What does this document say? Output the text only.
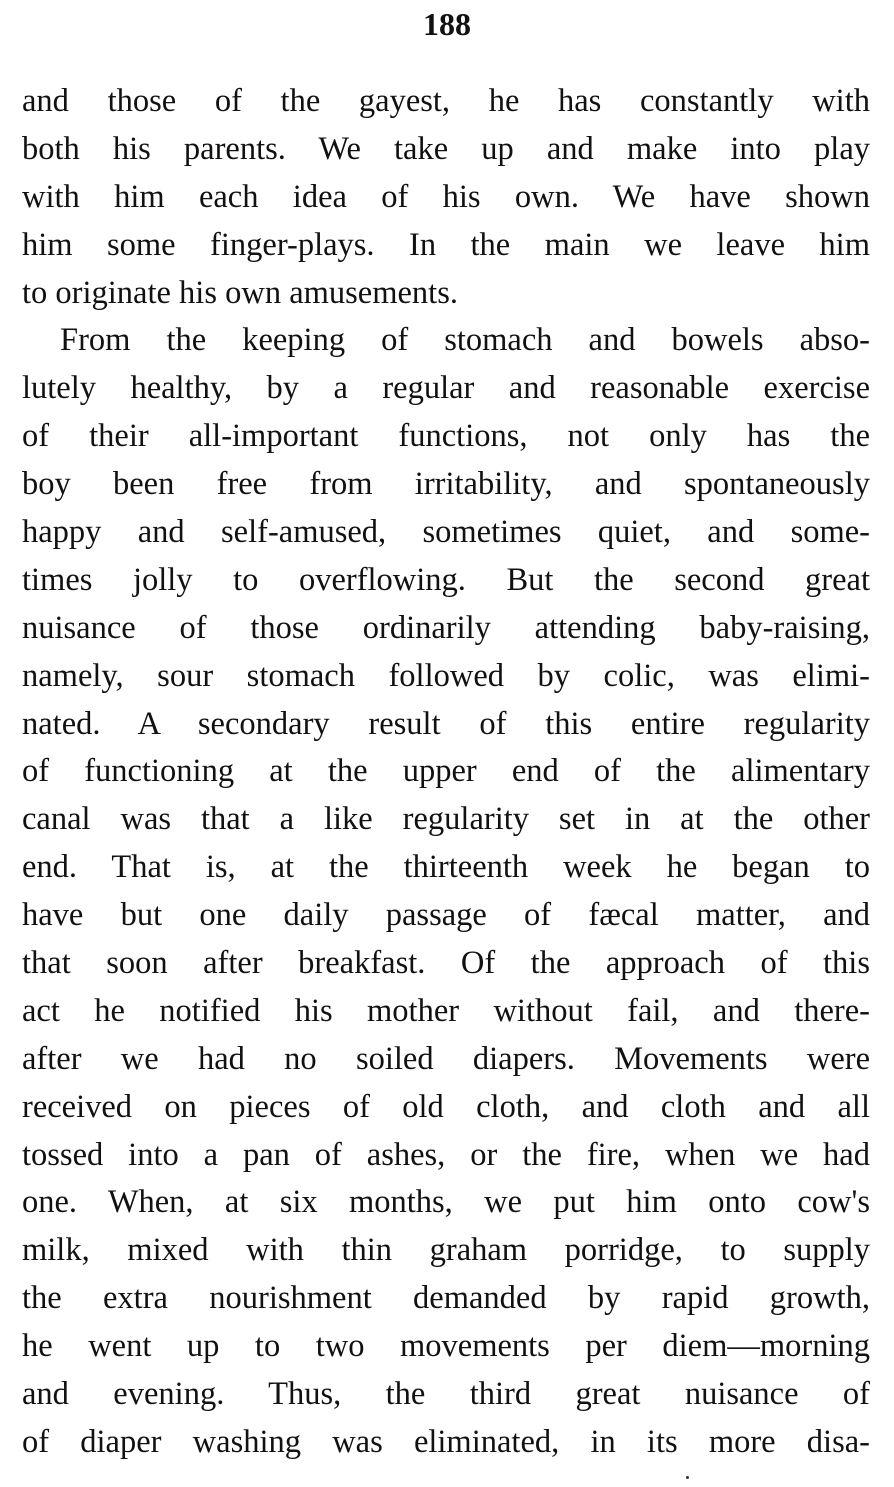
188
and those of the gayest, he has constantly with
both his parents. We take up and make into play
with him each idea of his own. We have shown
him some finger-plays. In the main we leave him
to originate his own amusements.
From the keeping of stomach and bowels abso-
lutely healthy, by a regular and reasonable exercise
of their all-important functions, not only has the
boy been free from irritability, and spontaneously
happy and self-amused, sometimes quiet, and some-
times jolly to overflowing. But the second great
nuisance of those ordinarily attending baby-raising,
namely, sour stomach followed by colic, was elimi-
nated. A secondary result of this entire regularity
of functioning at the upper end of the alimentary
canal was that a like regularity set in at the other
end. That is, at the thirteenth week he began to
have but one daily passage of fæcal matter, and
that soon after breakfast. Of the approach of this
act he notified his mother without fail, and there-
after we had no soiled diapers. Movements were
received on pieces of old cloth, and cloth and all
tossed into a pan of ashes, or the fire, when we had
one. When, at six months, we put him onto cow's
milk, mixed with thin graham porridge, to supply
the extra nourishment demanded by rapid growth,
he went up to two movements per diem—morning
and evening. Thus, the third great nuisance of
of diaper washing was eliminated, in its more disa-
